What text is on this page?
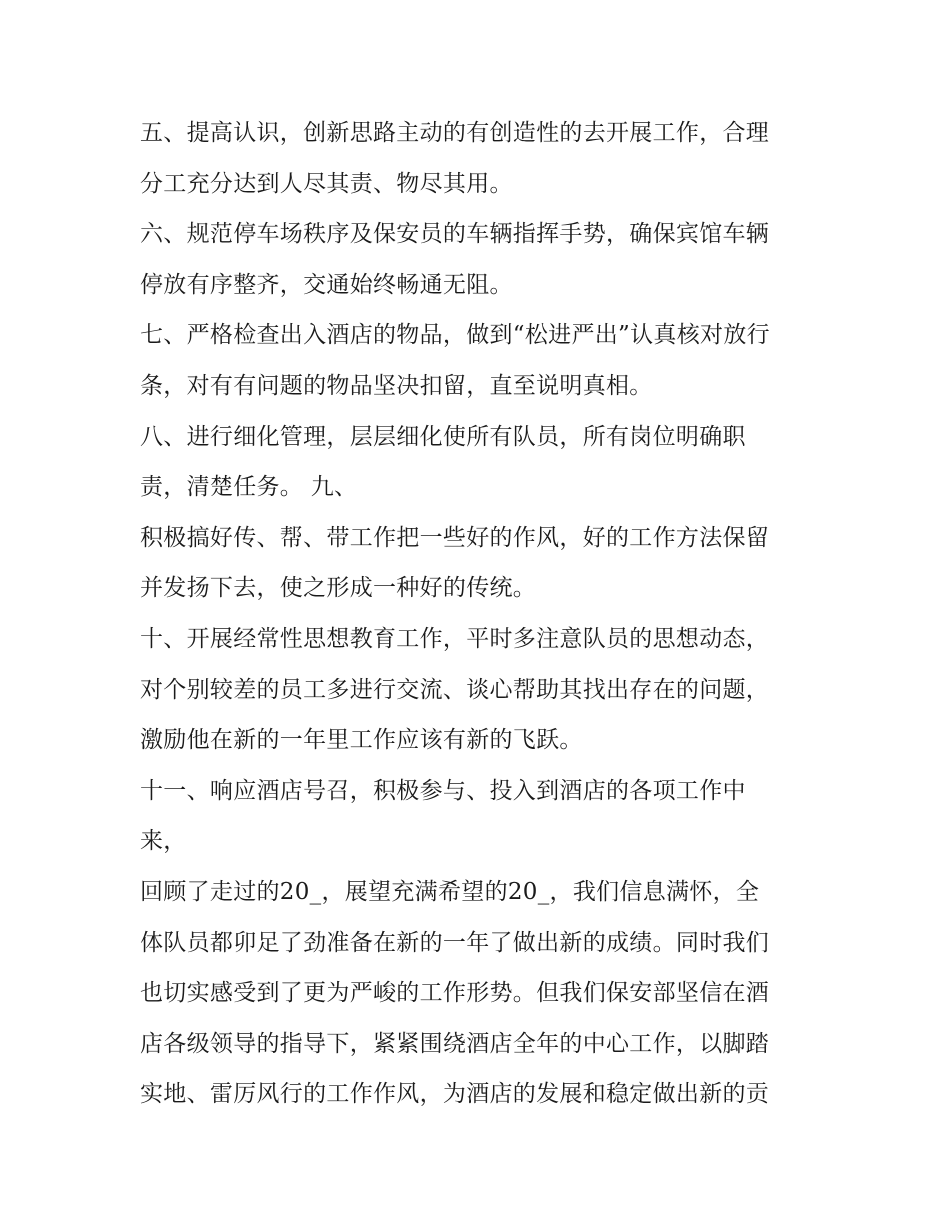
五、提高认识，创新思路主动的有创造性的去开展工作，合理
分工充分达到人尽其责、物尽其用。
六、规范停车场秩序及保安员的车辆指挥手势，确保宾馆车辆
停放有序整齐，交通始终畅通无阻。
七、严格检查出入酒店的物品，做到“松进严出”认真核对放行
条，对有有问题的物品坚决扣留，直至说明真相。
八、进行细化管理，层层细化使所有队员，所有岗位明确职
责，清楚任务。 九、
积极搞好传、帮、带工作把一些好的作风，好的工作方法保留
并发扬下去，使之形成一种好的传统。
十、开展经常性思想教育工作，平时多注意队员的思想动态，
对个别较差的员工多进行交流、谈心帮助其找出存在的问题，
激励他在新的一年里工作应该有新的飞跃。
十一、响应酒店号召，积极参与、投入到酒店的各项工作中
来，
回顾了走过的20_，展望充满希望的20_，我们信息满怀，全
体队员都卯足了劲准备在新的一年了做出新的成绩。同时我们
也切实感受到了更为严峻的工作形势。但我们保安部坚信在酒
店各级领导的指导下，紧紧围绕酒店全年的中心工作，以脚踏
实地、雷厉风行的工作作风，为酒店的发展和稳定做出新的贡
